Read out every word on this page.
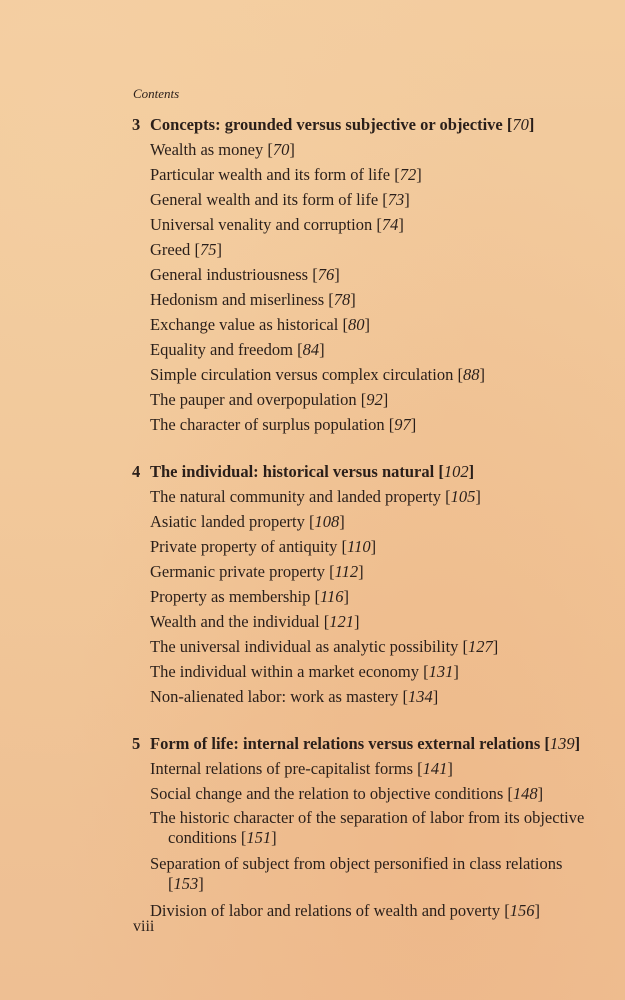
Contents
3 Concepts: grounded versus subjective or objective [70]
Wealth as money [70]
Particular wealth and its form of life [72]
General wealth and its form of life [73]
Universal venality and corruption [74]
Greed [75]
General industriousness [76]
Hedonism and miserliness [78]
Exchange value as historical [80]
Equality and freedom [84]
Simple circulation versus complex circulation [88]
The pauper and overpopulation [92]
The character of surplus population [97]
4 The individual: historical versus natural [102]
The natural community and landed property [105]
Asiatic landed property [108]
Private property of antiquity [110]
Germanic private property [112]
Property as membership [116]
Wealth and the individual [121]
The universal individual as analytic possibility [127]
The individual within a market economy [131]
Non-alienated labor: work as mastery [134]
5 Form of life: internal relations versus external relations [139]
Internal relations of pre-capitalist forms [141]
Social change and the relation to objective conditions [148]
The historic character of the separation of labor from its objective conditions [151]
Separation of subject from object personified in class relations [153]
Division of labor and relations of wealth and poverty [156]
viii
